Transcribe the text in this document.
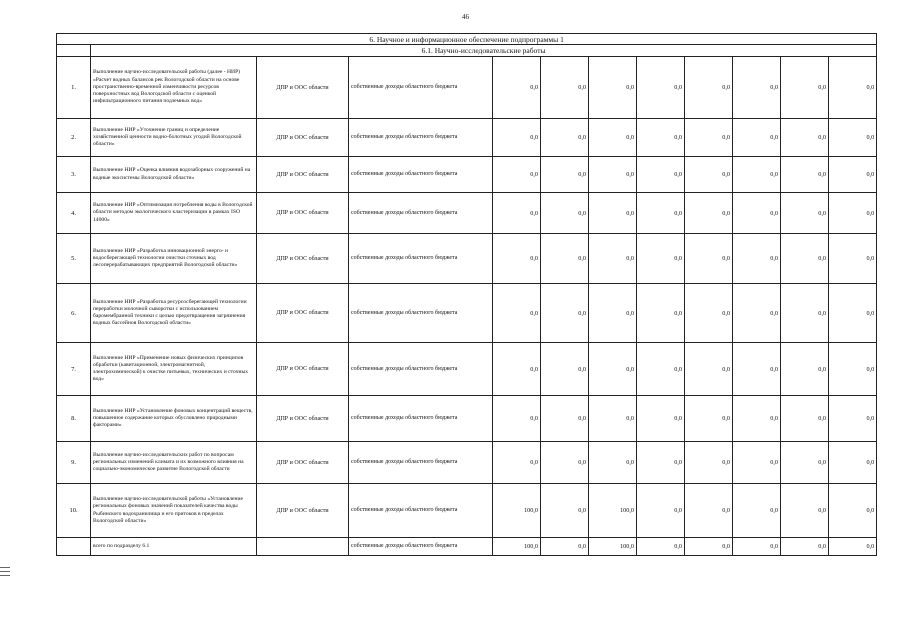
46
6. Научное и информационное обеспечение подпрограммы 1											
	6.1. Научно-исследовательские работы										
1.	Выполнение научно-исследовательской работы (далее - НИР) «Расчет водных балансов рек Вологодской области на основе пространственно-временной изменчивости ресурсов поверхностных вод Вологодской области с оценкой инфильтрационного питания подземных вод»	ДПР и ООС области	собственные доходы областного бюджета	0,0	0,0	0,0	0,0	0,0	0,0	0,0	0,0
2.	Выполнение НИР «Уточнение границ и определение хозяйственной ценности водно-болотных угодий Вологодской области»	ДПР и ООС области	собственные доходы областного бюджета	0,0	0,0	0,0	0,0	0,0	0,0	0,0	0,0
3.	Выполнение НИР «Оценка влияния водозаборных сооружений на водные экосистемы Вологодской области»	ДПР и ООС области	собственные доходы областного бюджета	0,0	0,0	0,0	0,0	0,0	0,0	0,0	0,0
4.	Выполнение НИР «Оптимизация потребления воды в Вологодской области методом экологического кластеризации в рамках ISO 14000»	ДПР и ООС области	собственные доходы областного бюджета	0,0	0,0	0,0	0,0	0,0	0,0	0,0	0,0
5.	Выполнение НИР «Разработка инновационной энерго- и водосберегающей технологии очистки сточных вод лесоперерабатывающих предприятий Вологодской области»	ДПР и ООС области	собственные доходы областного бюджета	0,0	0,0	0,0	0,0	0,0	0,0	0,0	0,0
6.	Выполнение НИР «Разработка ресурсосберегающей технологии переработки молочной сыворотки с использованием баромембранной техники с целью предотвращения загрязнения водных бассейнов Вологодской области»	ДПР и ООС области	собственные доходы областного бюджета	0,0	0,0	0,0	0,0	0,0	0,0	0,0	0,0
7.	Выполнение НИР «Применение новых физических принципов обработки (кавитационной, электромагнитной, электрохимической) к очистке питьевых, технических и сточных вод»	ДПР и ООС области	собственные доходы областного бюджета	0,0	0,0	0,0	0,0	0,0	0,0	0,0	0,0
8.	Выполнение НИР «Установление фоновых концентраций веществ, повышенное содержание которых обусловлено природными факторами»	ДПР и ООС области	собственные доходы областного бюджета	0,0	0,0	0,0	0,0	0,0	0,0	0,0	0,0
9.	Выполнение научно-исследовательских работ по вопросам региональных изменений климата и их возможного влияния на социально-экономическое развитие Вологодской области	ДПР и ООС области	собственные доходы областного бюджета	0,0	0,0	0,0	0,0	0,0	0,0	0,0	0,0
10.	Выполнение научно-исследовательской работы «Установление региональных фоновых значений показателей качества воды Рыбинского водохранилища и его притоков в пределах Вологодской области»	ДПР и ООС области	собственные доходы областного бюджета	100,0	0,0	100,0	0,0	0,0	0,0	0,0	0,0
	всего по подразделу 6.1		собственные доходы областного бюджета	100,0	0,0	100,0	0,0	0,0	0,0	0,0	0,0
